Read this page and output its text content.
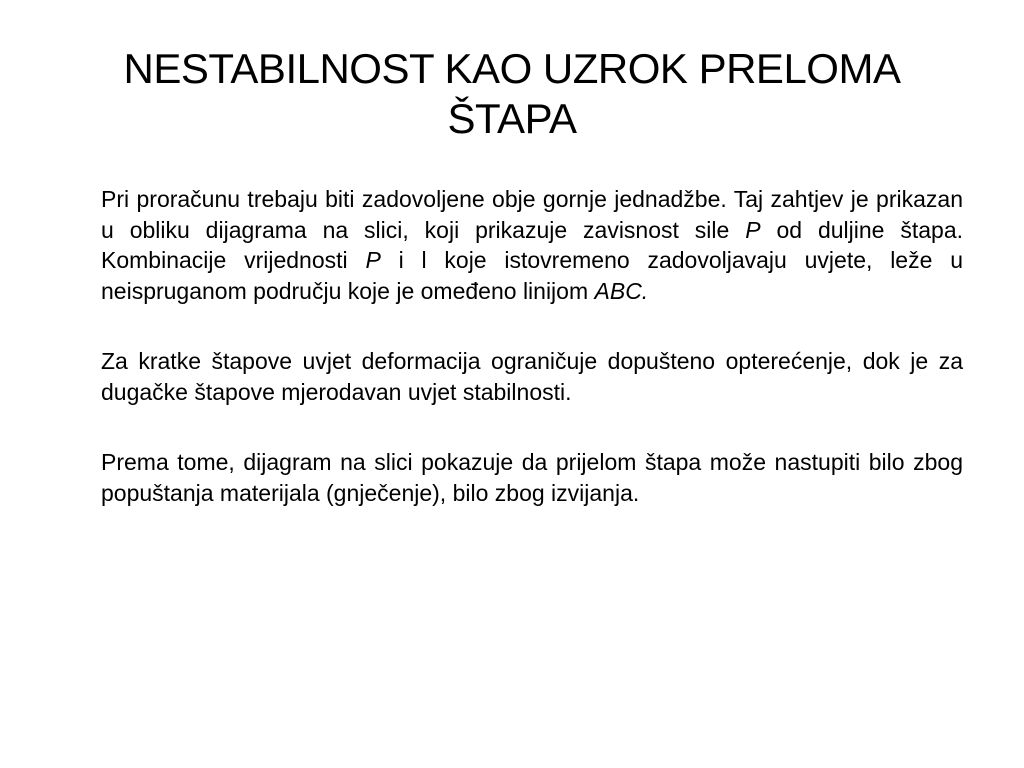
NESTABILNOST KAO UZROK PRELOMA
ŠTAPA

Pri proračunu trebaju biti zadovoljene obje gornje jednadžbe. Taj zahtjev je prikazan u obliku dijagrama na slici, koji prikazuje zavisnost sile P od duljine štapa. Kombinacije vrijednosti P i l koje istovremeno zadovoljavaju uvjete, leže u neispruganom području koje je omeđeno linijom ABC.

Za kratke štapove uvjet deformacija ograničuje dopušteno opterećenje, dok je za dugačke štapove mjerodavan uvjet stabilnosti.

Prema tome, dijagram na slici pokazuje da prijelom štapa može nastupiti bilo zbog popuštanja materijala (gnječenje), bilo zbog izvijanja.
